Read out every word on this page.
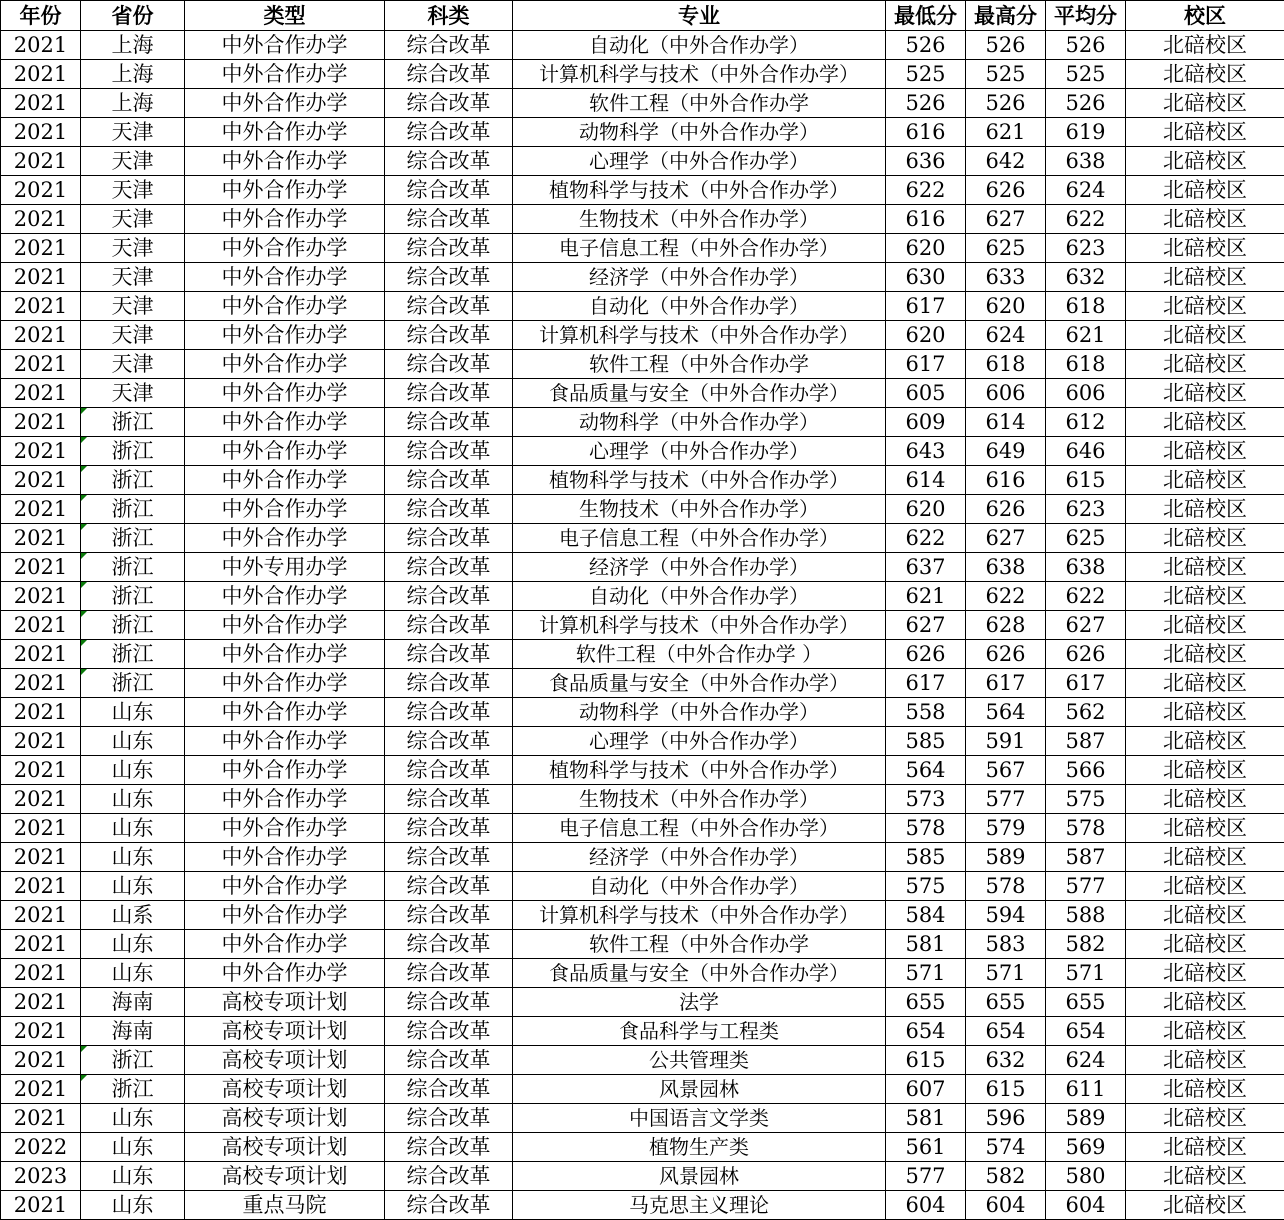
年份	省份	类型	科类	专业	最低分	最高分	平均分	校区
2021	上海	中外合作办学	综合改革	自动化（中外合作办学）	526	526	526	北碚校区
2021	上海	中外合作办学	综合改革	计算机科学与技术（中外合作办学）	525	525	525	北碚校区
2021	上海	中外合作办学	综合改革	软件工程（中外合作办学	526	526	526	北碚校区
2021	天津	中外合作办学	综合改革	动物科学（中外合作办学）	616	621	619	北碚校区
2021	天津	中外合作办学	综合改革	心理学（中外合作办学）	636	642	638	北碚校区
2021	天津	中外合作办学	综合改革	植物科学与技术（中外合作办学）	622	626	624	北碚校区
2021	天津	中外合作办学	综合改革	生物技术（中外合作办学）	616	627	622	北碚校区
2021	天津	中外合作办学	综合改革	电子信息工程（中外合作办学）	620	625	623	北碚校区
2021	天津	中外合作办学	综合改革	经济学（中外合作办学）	630	633	632	北碚校区
2021	天津	中外合作办学	综合改革	自动化（中外合作办学）	617	620	618	北碚校区
2021	天津	中外合作办学	综合改革	计算机科学与技术（中外合作办学）	620	624	621	北碚校区
2021	天津	中外合作办学	综合改革	软件工程（中外合作办学	617	618	618	北碚校区
2021	天津	中外合作办学	综合改革	食品质量与安全（中外合作办学）	605	606	606	北碚校区
2021	浙江	中外合作办学	综合改革	动物科学（中外合作办学）	609	614	612	北碚校区
2021	浙江	中外合作办学	综合改革	心理学（中外合作办学）	643	649	646	北碚校区
2021	浙江	中外合作办学	综合改革	植物科学与技术（中外合作办学）	614	616	615	北碚校区
2021	浙江	中外合作办学	综合改革	生物技术（中外合作办学）	620	626	623	北碚校区
2021	浙江	中外合作办学	综合改革	电子信息工程（中外合作办学）	622	627	625	北碚校区
2021	浙江	中外专用办学	综合改革	经济学（中外合作办学）	637	638	638	北碚校区
2021	浙江	中外合作办学	综合改革	自动化（中外合作办学）	621	622	622	北碚校区
2021	浙江	中外合作办学	综合改革	计算机科学与技术（中外合作办学）	627	628	627	北碚校区
2021	浙江	中外合作办学	综合改革	软件工程（中外合作办学 ）	626	626	626	北碚校区
2021	浙江	中外合作办学	综合改革	食品质量与安全（中外合作办学）	617	617	617	北碚校区
2021	山东	中外合作办学	综合改革	动物科学（中外合作办学）	558	564	562	北碚校区
2021	山东	中外合作办学	综合改革	心理学（中外合作办学）	585	591	587	北碚校区
2021	山东	中外合作办学	综合改革	植物科学与技术（中外合作办学）	564	567	566	北碚校区
2021	山东	中外合作办学	综合改革	生物技术（中外合作办学）	573	577	575	北碚校区
2021	山东	中外合作办学	综合改革	电子信息工程（中外合作办学）	578	579	578	北碚校区
2021	山东	中外合作办学	综合改革	经济学（中外合作办学）	585	589	587	北碚校区
2021	山东	中外合作办学	综合改革	自动化（中外合作办学）	575	578	577	北碚校区
2021	山系	中外合作办学	综合改革	计算机科学与技术（中外合作办学）	584	594	588	北碚校区
2021	山东	中外合作办学	综合改革	软件工程（中外合作办学	581	583	582	北碚校区
2021	山东	中外合作办学	综合改革	食品质量与安全（中外合作办学）	571	571	571	北碚校区
2021	海南	高校专项计划	综合改革	法学	655	655	655	北碚校区
2021	海南	高校专项计划	综合改革	食品科学与工程类	654	654	654	北碚校区
2021	浙江	高校专项计划	综合改革	公共管理类	615	632	624	北碚校区
2021	浙江	高校专项计划	综合改革	风景园林	607	615	611	北碚校区
2021	山东	高校专项计划	综合改革	中国语言文学类	581	596	589	北碚校区
2022	山东	高校专项计划	综合改革	植物生产类	561	574	569	北碚校区
2023	山东	高校专项计划	综合改革	风景园林	577	582	580	北碚校区
2021	山东	重点马院	综合改革	马克思主义理论	604	604	604	北碚校区
